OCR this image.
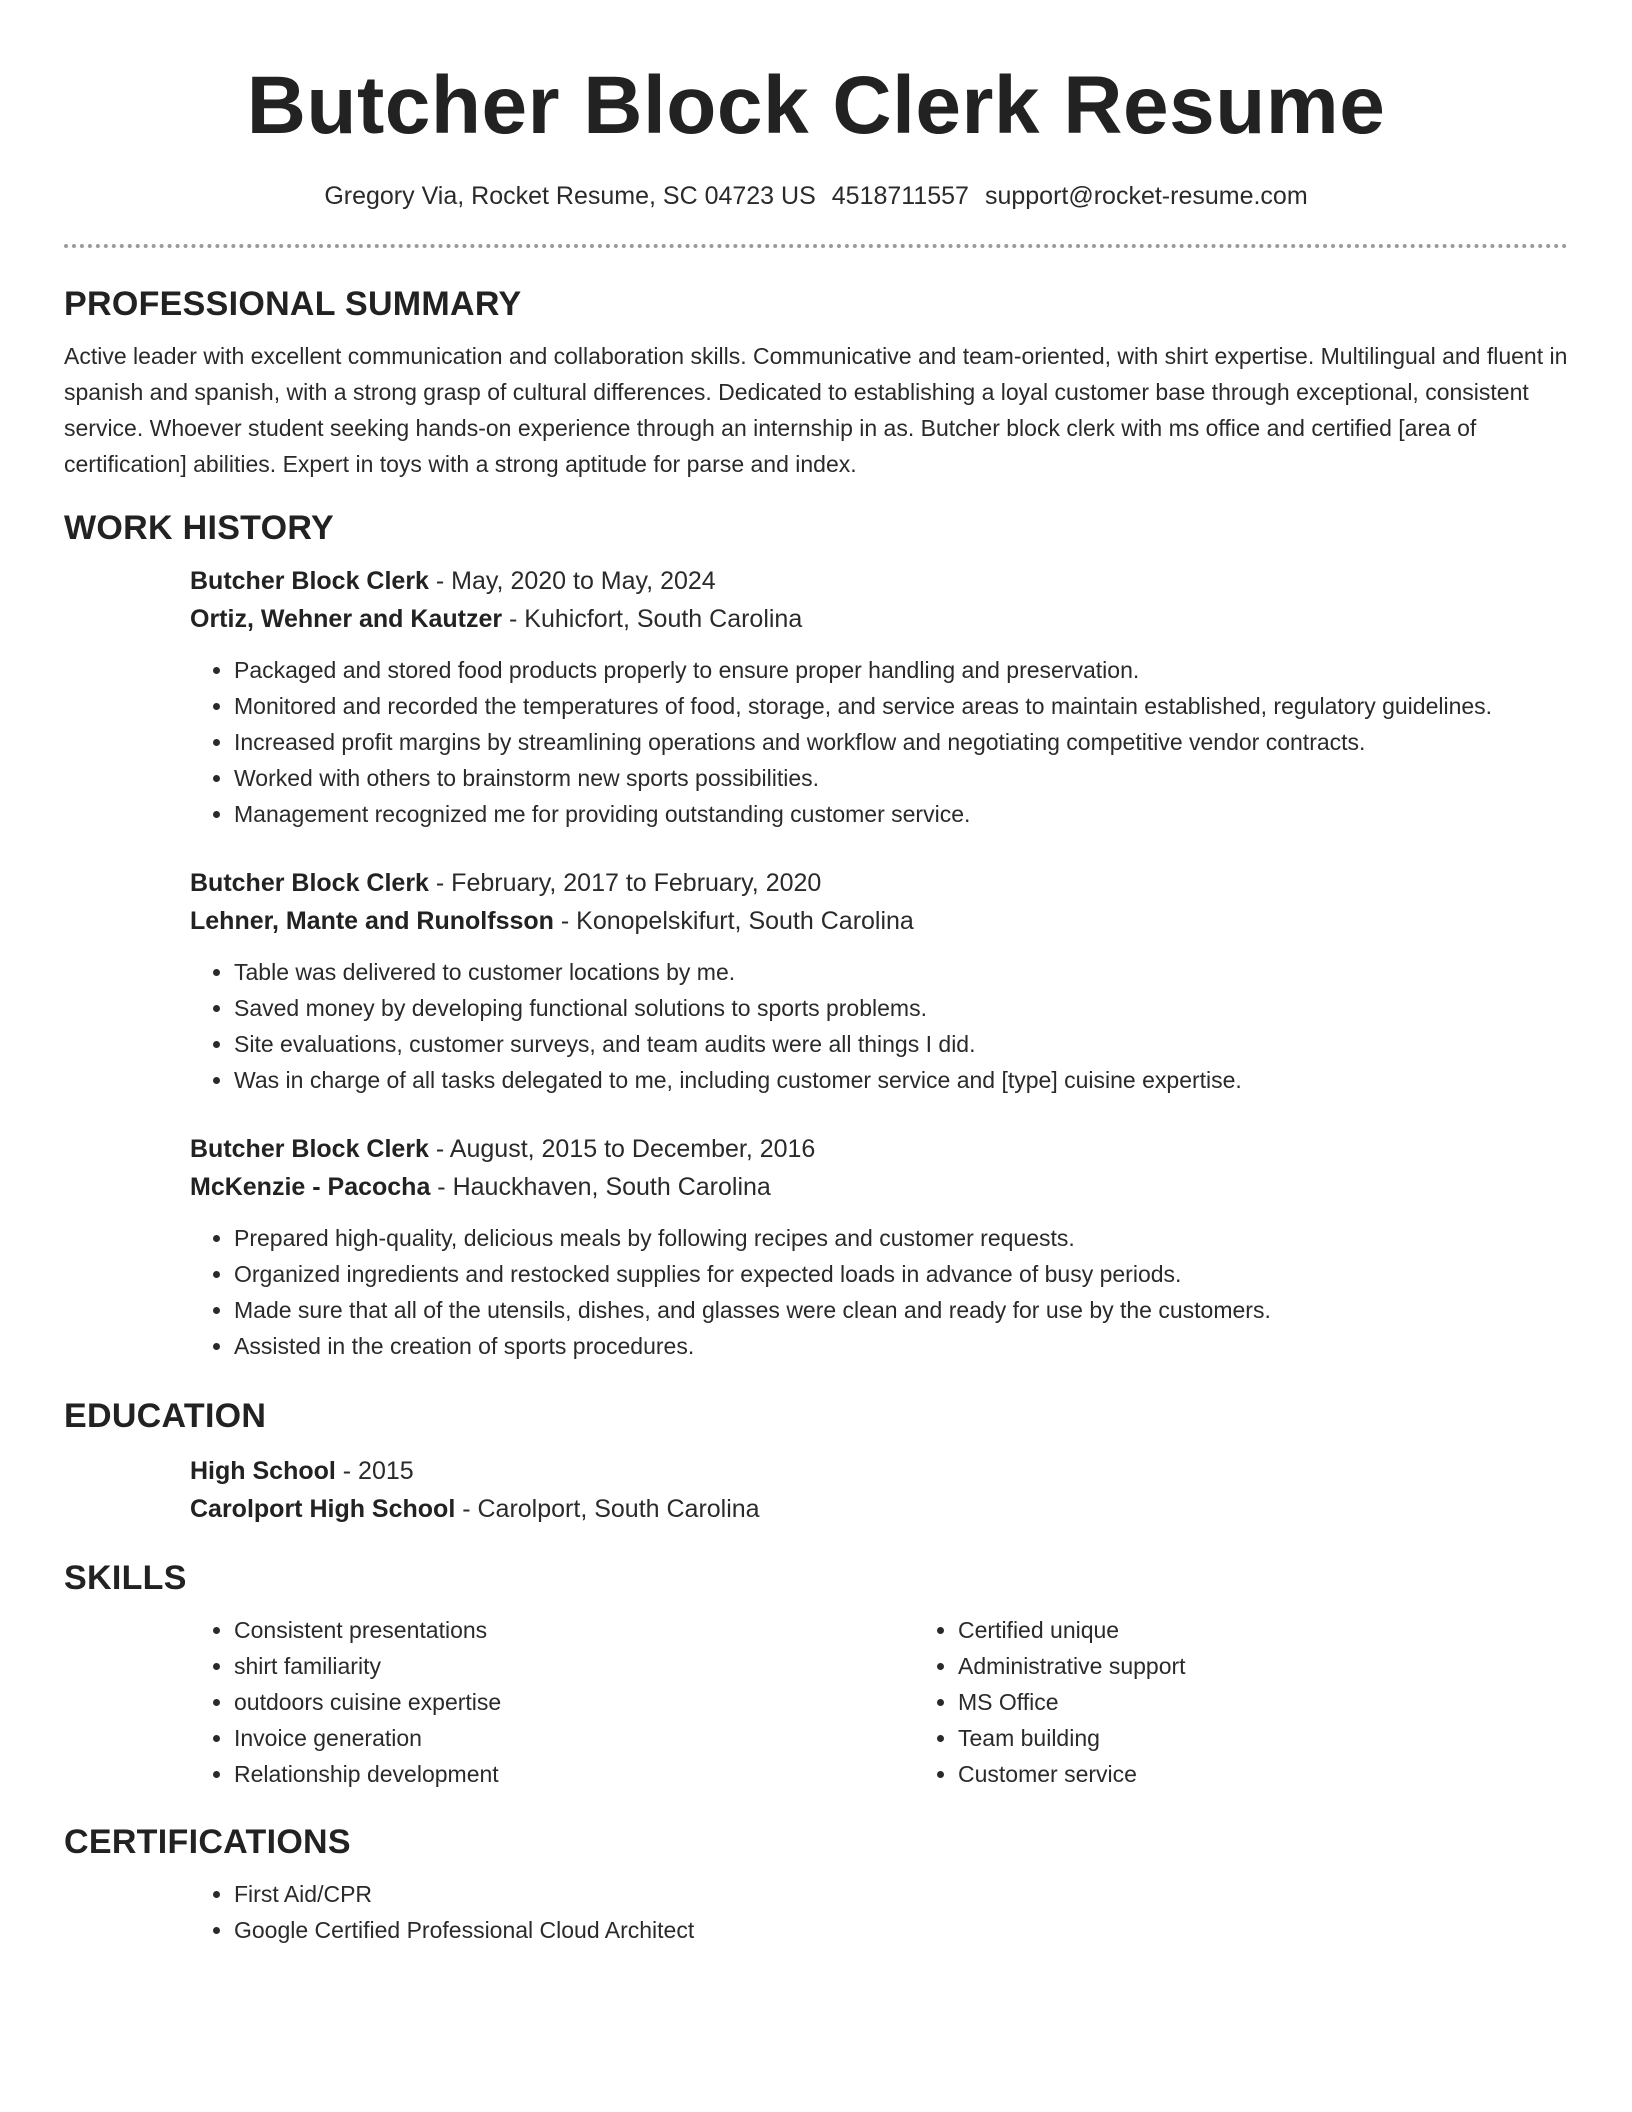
Butcher Block Clerk Resume
Gregory Via, Rocket Resume, SC 04723 US 4518711557 support@rocket-resume.com
PROFESSIONAL SUMMARY

Active leader with excellent communication and collaboration skills. Communicative and team-oriented, with shirt expertise. Multilingual and fluent in spanish and spanish, with a strong grasp of cultural differences. Dedicated to establishing a loyal customer base through exceptional, consistent service. Whoever student seeking hands-on experience through an internship in as. Butcher block clerk with ms office and certified [area of certification] abilities. Expert in toys with a strong aptitude for parse and index.

WORK HISTORY

Butcher Block Clerk - May, 2020 to May, 2024

Ortiz, Wehner and Kautzer - Kuhicfort, South Carolina

• Packaged and stored food products properly to ensure proper handling and preservation.
• Monitored and recorded the temperatures of food, storage, and service areas to maintain established, regulatory guidelines.
• Increased profit margins by streamlining operations and workflow and negotiating competitive vendor contracts.
• Worked with others to brainstorm new sports possibilities.
• Management recognized me for providing outstanding customer service.

Butcher Block Clerk - February, 2017 to February, 2020

Lehner, Mante and Runolfsson - Konopelskifurt, South Carolina

• Table was delivered to customer locations by me.
• Saved money by developing functional solutions to sports problems.
• Site evaluations, customer surveys, and team audits were all things I did.
• Was in charge of all tasks delegated to me, including customer service and [type] cuisine expertise.

Butcher Block Clerk - August, 2015 to December, 2016

McKenzie - Pacocha - Hauckhaven, South Carolina

• Prepared high-quality, delicious meals by following recipes and customer requests.
• Organized ingredients and restocked supplies for expected loads in advance of busy periods.
• Made sure that all of the utensils, dishes, and glasses were clean and ready for use by the customers.
• Assisted in the creation of sports procedures.
EDUCATION

High School - 2015

Carolport High School - Carolport, South Carolina

SKILLS
• Consistent presentations
• shirt familiarity
• outdoors cuisine expertise
• Invoice generation
• Relationship development
• Certified unique
• Administrative support
• MS Office
• Team building
• Customer service
CERTIFICATIONS
• First Aid/CPR
• Google Certified Professional Cloud Architect
